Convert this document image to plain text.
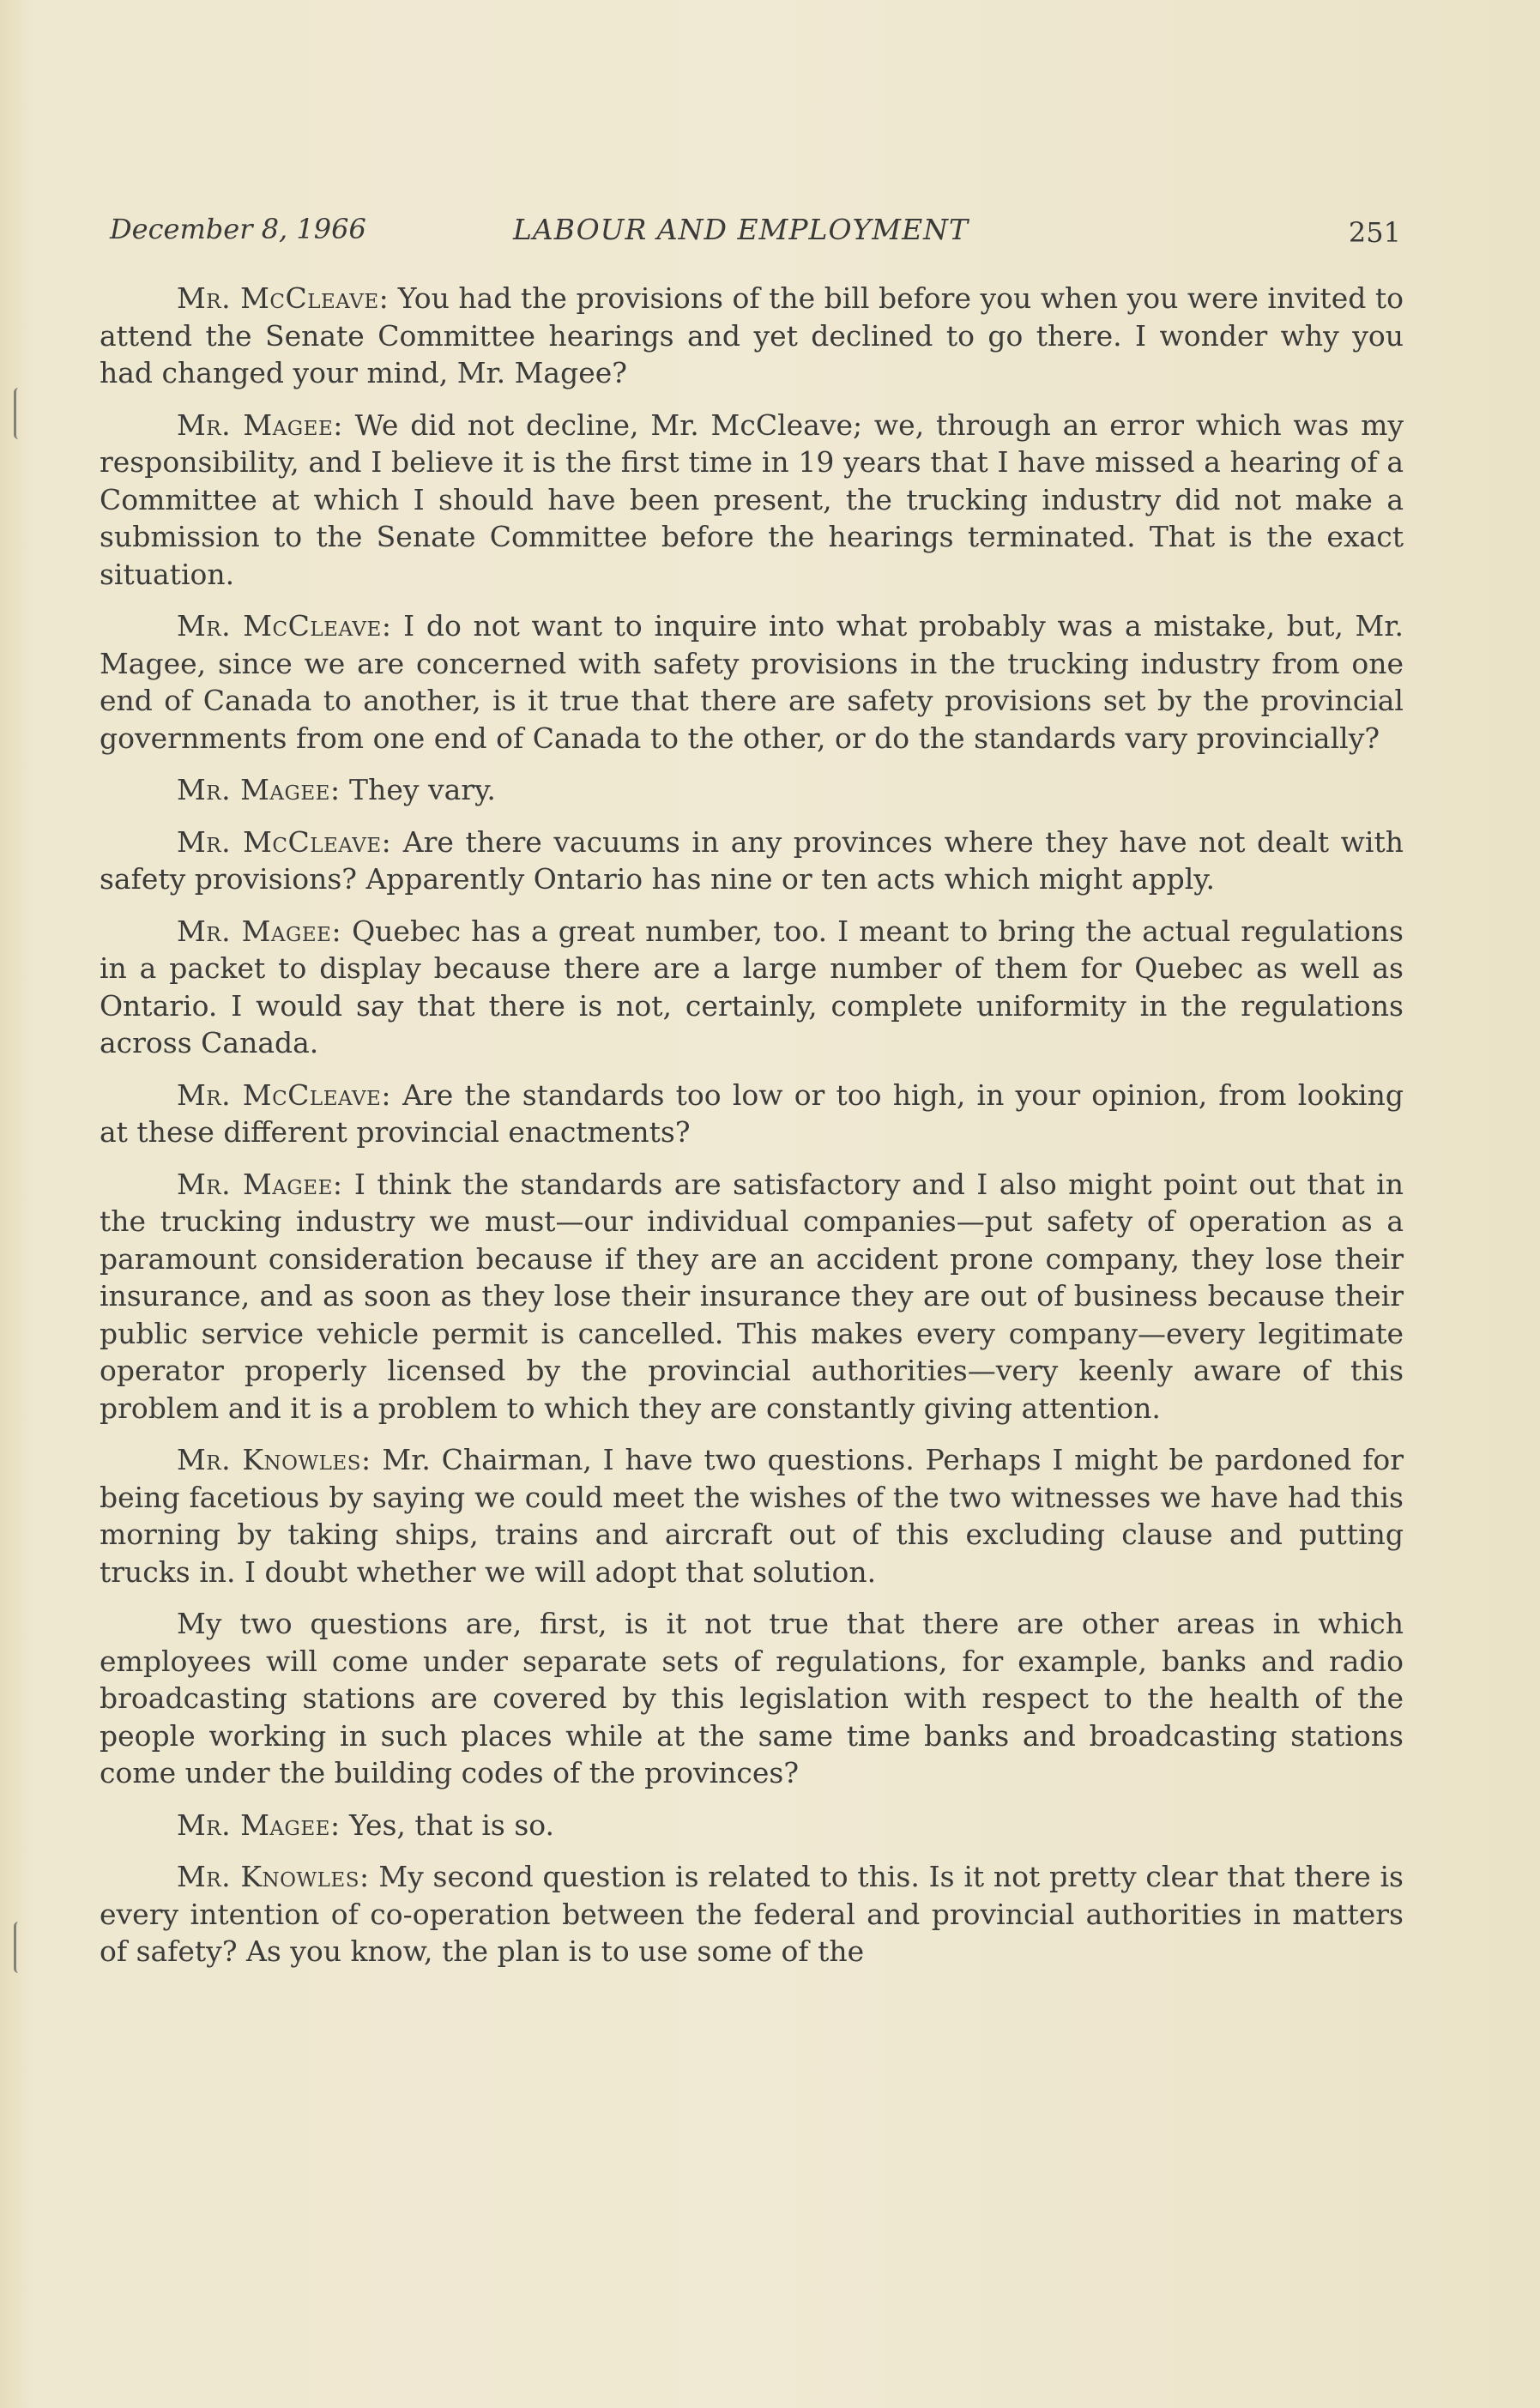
December 8, 1966	LABOUR AND EMPLOYMENT	251

Mr. McCleave: You had the provisions of the bill before you when you were invited to attend the Senate Committee hearings and yet declined to go there. I wonder why you had changed your mind, Mr. Magee?

Mr. Magee: We did not decline, Mr. McCleave; we, through an error which was my responsibility, and I believe it is the first time in 19 years that I have missed a hearing of a Committee at which I should have been present, the trucking industry did not make a submission to the Senate Committee before the hearings terminated. That is the exact situation.

Mr. McCleave: I do not want to inquire into what probably was a mistake, but, Mr. Magee, since we are concerned with safety provisions in the trucking industry from one end of Canada to another, is it true that there are safety provisions set by the provincial governments from one end of Canada to the other, or do the standards vary provincially?

Mr. Magee: They vary.

Mr. McCleave: Are there vacuums in any provinces where they have not dealt with safety provisions? Apparently Ontario has nine or ten acts which might apply.

Mr. Magee: Quebec has a great number, too. I meant to bring the actual regulations in a packet to display because there are a large number of them for Quebec as well as Ontario. I would say that there is not, certainly, complete uniformity in the regulations across Canada.

Mr. McCleave: Are the standards too low or too high, in your opinion, from looking at these different provincial enactments?

Mr. Magee: I think the standards are satisfactory and I also might point out that in the trucking industry we must—our individual companies—put safety of operation as a paramount consideration because if they are an accident prone company, they lose their insurance, and as soon as they lose their insurance they are out of business because their public service vehicle permit is cancelled. This makes every company—every legitimate operator properly licensed by the provincial authorities—very keenly aware of this problem and it is a problem to which they are constantly giving attention.

Mr. Knowles: Mr. Chairman, I have two questions. Perhaps I might be pardoned for being facetious by saying we could meet the wishes of the two witnesses we have had this morning by taking ships, trains and aircraft out of this excluding clause and putting trucks in. I doubt whether we will adopt that solution.

My two questions are, first, is it not true that there are other areas in which employees will come under separate sets of regulations, for example, banks and radio broadcasting stations are covered by this legislation with respect to the health of the people working in such places while at the same time banks and broadcasting stations come under the building codes of the provinces?

Mr. Magee: Yes, that is so.

Mr. Knowles: My second question is related to this. Is it not pretty clear that there is every intention of co-operation between the federal and provincial authorities in matters of safety? As you know, the plan is to use some of the
